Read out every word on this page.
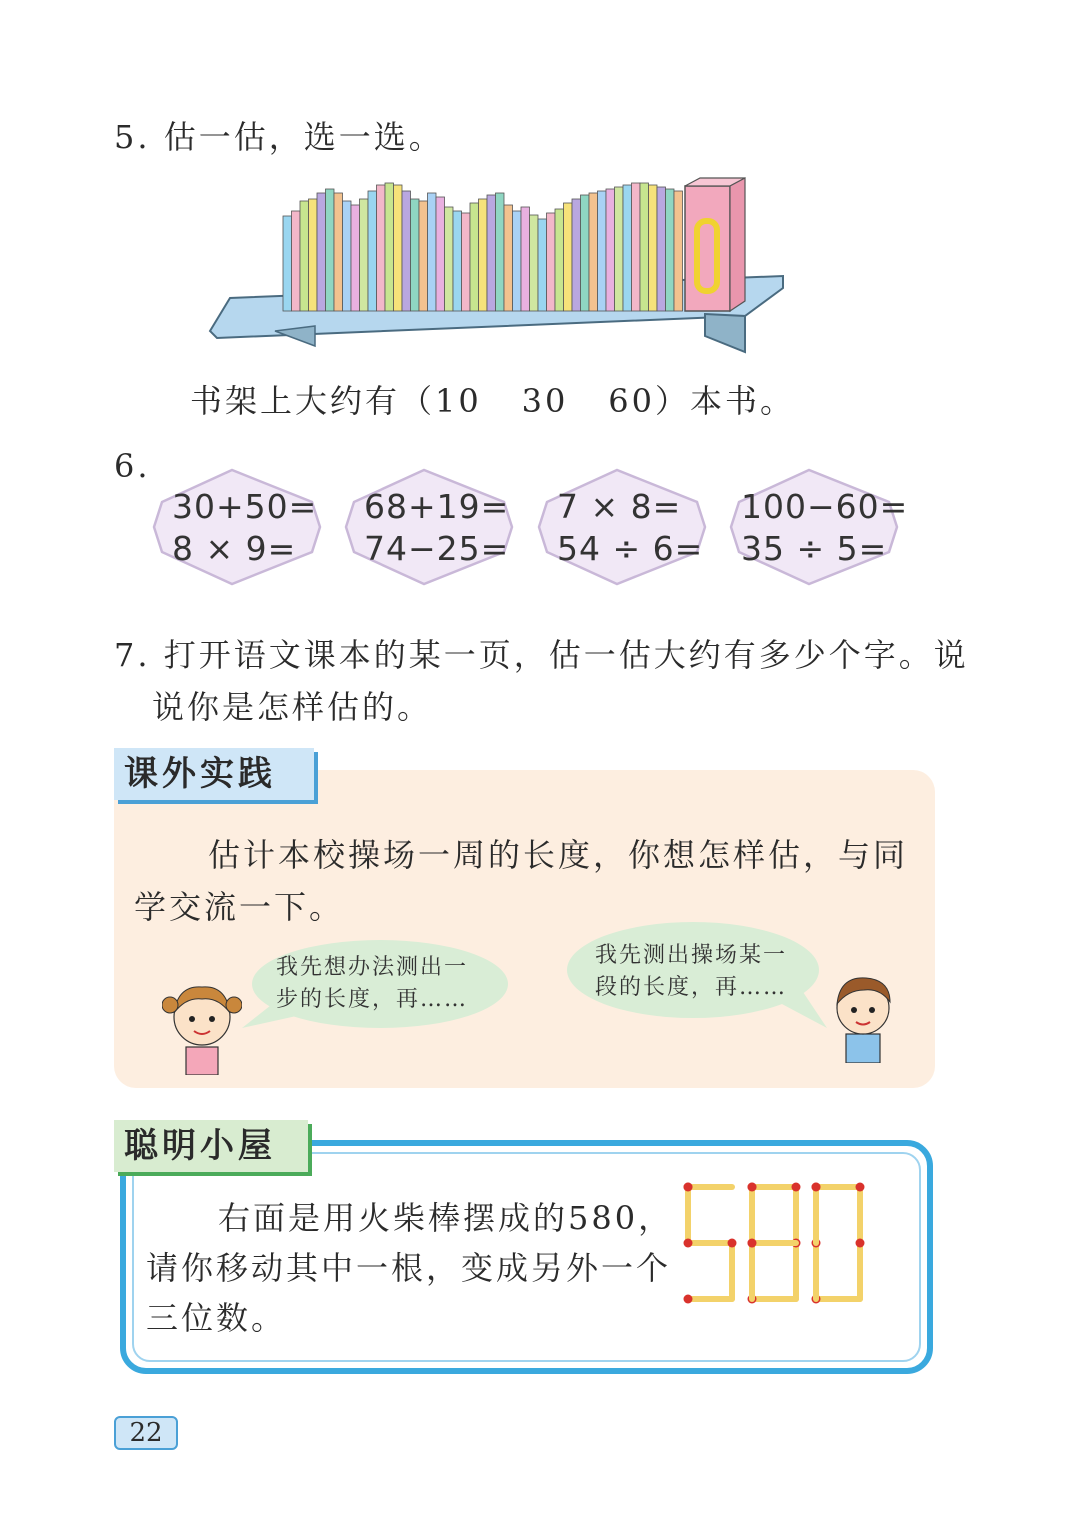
5. 估一估，选一选。
书架上大约有（10 30 60）本书。
6.
30+50=
8 × 9=
68+19=
74−25=
7 × 8=
54 ÷ 6=
100−60=
35 ÷ 5=
7. 打开语文课本的某一页，估一估大约有多少个字。说
说你是怎样估的。
课外实践
估计本校操场一周的长度，你想怎样估，与同
学交流一下。
我先想办法测出一
步的长度，再……
我先测出操场某一
段的长度，再……
聪明小屋
右面是用火柴棒摆成的580，
请你移动其中一根，变成另外一个
三位数。
22
